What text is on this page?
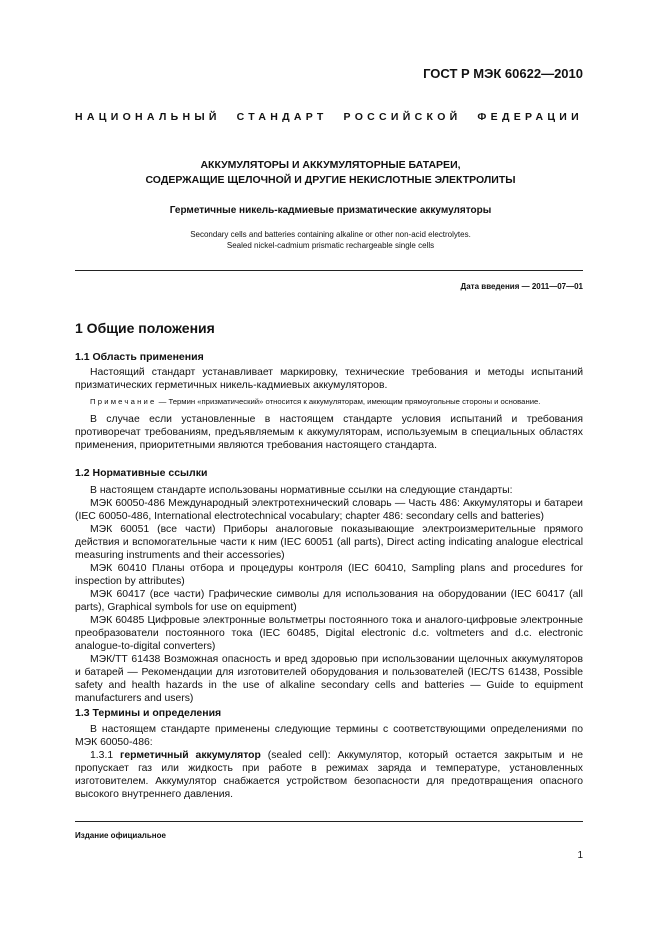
ГОСТ Р МЭК 60622—2010
НАЦИОНАЛЬНЫЙ СТАНДАРТ РОССИЙСКОЙ ФЕДЕРАЦИИ
АККУМУЛЯТОРЫ И АККУМУЛЯТОРНЫЕ БАТАРЕИ,
СОДЕРЖАЩИЕ ЩЕЛОЧНОЙ И ДРУГИЕ НЕКИСЛОТНЫЕ ЭЛЕКТРОЛИТЫ
Герметичные никель-кадмиевые призматические аккумуляторы
Secondary cells and batteries containing alkaline or other non-acid electrolytes.
Sealed nickel-cadmium prismatic rechargeable single cells
Дата введения — 2011—07—01
1 Общие положения
1.1 Область применения

Настоящий стандарт устанавливает маркировку, технические требования и методы испытаний призматических герметичных никель-кадмиевых аккумуляторов.

Примечание — Термин «призматический» относится к аккумуляторам, имеющим прямоугольные стороны и основание.

В случае если установленные в настоящем стандарте условия испытаний и требования противоречат требованиям, предъявляемым к аккумуляторам, используемым в специальных областях применения, приоритетными являются требования настоящего стандарта.

1.2 Нормативные ссылки

В настоящем стандарте использованы нормативные ссылки на следующие стандарты:

МЭК 60050-486 Международный электротехнический словарь — Часть 486: Аккумуляторы и батареи (IEC 60050-486, International electrotechnical vocabulary; chapter 486: secondary cells and batteries)

МЭК 60051 (все части) Приборы аналоговые показывающие электроизмерительные прямого действия и вспомогательные части к ним (IEC 60051 (all parts), Direct acting indicating analogue electrical measuring instruments and their accessories)

МЭК 60410 Планы отбора и процедуры контроля (IEC 60410, Sampling plans and procedures for inspection by attributes)

МЭК 60417 (все части) Графические символы для использования на оборудовании (IEC 60417 (all parts), Graphical symbols for use on equipment)

МЭК 60485 Цифровые электронные вольтметры постоянного тока и аналого-цифровые электронные преобразователи постоянного тока (IEC 60485, Digital electronic d.c. voltmeters and d.c. electronic analogue-to-digital converters)

МЭК/ТТ 61438 Возможная опасность и вред здоровью при использовании щелочных аккумуляторов и батарей — Рекомендации для изготовителей оборудования и пользователей (IEC/TS 61438, Possible safety and health hazards in the use of alkaline secondary cells and batteries — Guide to equipment manufacturers and users)

1.3 Термины и определения

В настоящем стандарте применены следующие термины с соответствующими определениями по МЭК 60050-486:

1.3.1 герметичный аккумулятор (sealed cell): Аккумулятор, который остается закрытым и не пропускает газ или жидкость при работе в режимах заряда и температуре, установленных изготовителем. Аккумулятор снабжается устройством безопасности для предотвращения опасного высокого внутреннего давления.

Издание официальное
1
